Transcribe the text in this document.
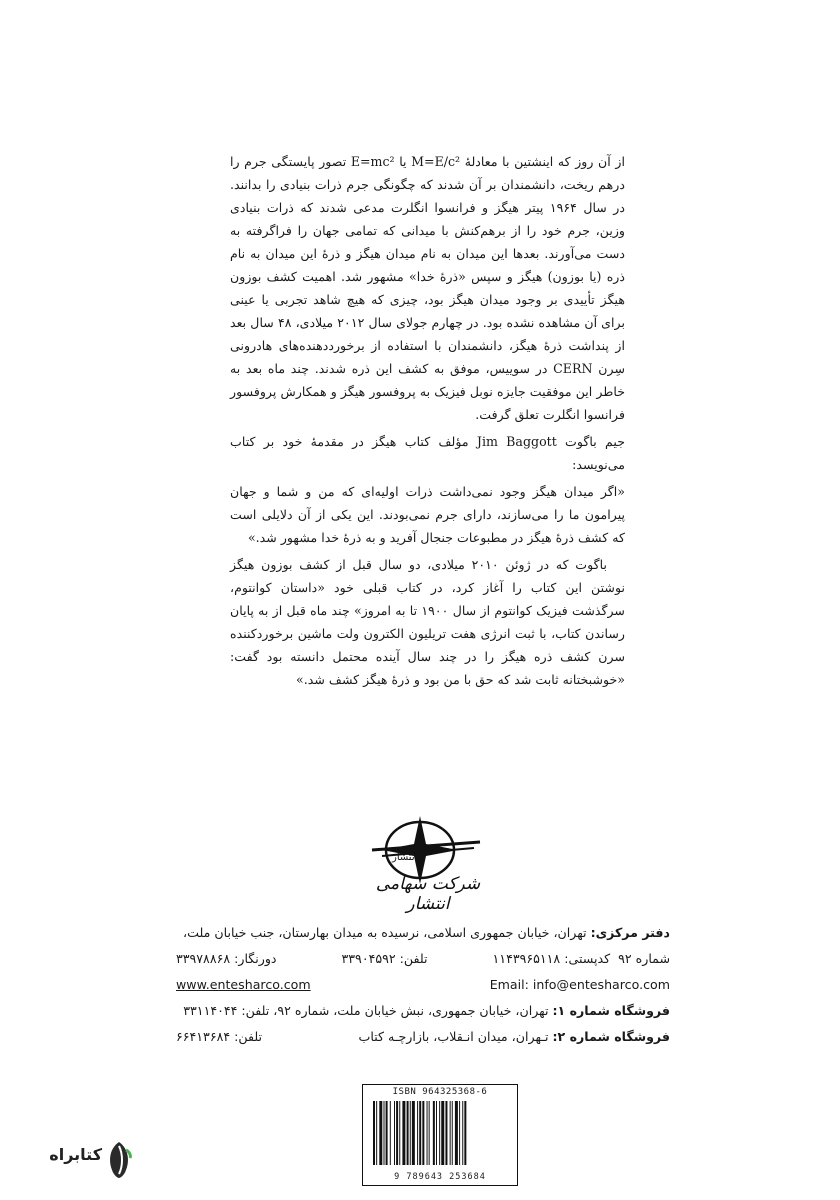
از آن روز که اینشتین با معادلهٔ M=E/c² یا E=mc² تصور پایستگی جرم را درهم ریخت، دانشمندان بر آن شدند که چگونگی جرم ذرات بنیادی را بدانند. در سال ۱۹۶۴ پیتر هیگز و فرانسوا انگلرت مدعی شدند که ذرات بنیادی وزین، جرم خود را از برهم‌کنش با میدانی که تمامی جهان را فراگرفته به دست می‌آورند. بعدها این میدان به نام میدان هیگز و ذرهٔ این میدان به نام ذره (یا بوزون) هیگز و سپس «ذرهٔ خدا» مشهور شد. اهمیت کشف بوزون هیگز تأییدی بر وجود میدان هیگز بود، چیزی که هیچ شاهد تجربی یا عینی برای آن مشاهده نشده بود. در چهارم جولای سال ۲۰۱۲ میلادی، ۴۸ سال بعد از پنداشت ذرهٔ هیگز، دانشمندان با استفاده از برخورددهنده‌های هادرونی سِرن CERN در سوییس، موفق به کشف این ذره شدند. چند ماه بعد به خاطر این موفقیت جایزه نوبل فیزیک به پروفسور هیگز و همکارش پروفسور فرانسوا انگلرت تعلق گرفت.

جیم باگوت Jim Baggott مؤلف کتاب هیگز در مقدمهٔ خود بر کتاب می‌نویسد:

«اگر میدان هیگز وجود نمی‌داشت ذرات اولیه‌ای که من و شما و جهان پیرامون ما را می‌سازند، دارای جرم نمی‌بودند. این یکی از آن دلایلی است که کشف ذرهٔ هیگز در مطبوعات جنجال آفرید و به ذرهٔ خدا مشهور شد.»

باگوت که در ژوئن ۲۰۱۰ میلادی، دو سال قبل از کشف بوزون هیگز نوشتن این کتاب را آغاز کرد، در کتاب قبلی خود «داستان کوانتوم، سرگذشت فیزیک کوانتوم از سال ۱۹۰۰ تا به امروز» چند ماه قبل از به پایان رساندن کتاب، با ثبت انرژی هفت تریلیون الکترون ولت ماشین برخوردکننده سرن کشف ذره هیگز را در چند سال آینده محتمل دانسته بود گفت: «خوشبختانه ثابت شد که حق با من بود و ذرهٔ هیگز کشف شد.»

انتشار
شرکت سهامی انتشار
دفتر مرکزی: تهران، خیابان جمهوری اسلامی، نرسیده به میدان بهارستان، جنب خیابان ملت،
شماره ۹۲  کدپستی: ۱۱۴۳۹۶۵۱۱۸
تلفن: ۳۳۹۰۴۵۹۲
دورنگار: ۳۳۹۷۸۸۶۸
Email: info@entesharco.com
www.entesharco.com
فروشگاه شماره ۱: تهران، خیابان جمهوری، نبش خیابان ملت، شماره ۹۲، تلفن: ۳۳۱۱۴۰۴۴
فروشگاه شماره ۲: تـهران، میدان انـقلاب، بازارچـه کتاب
تلفن: ۶۶۴۱۳۶۸۴
ISBN 964325368-6
9 789643 253684
کتابراه
